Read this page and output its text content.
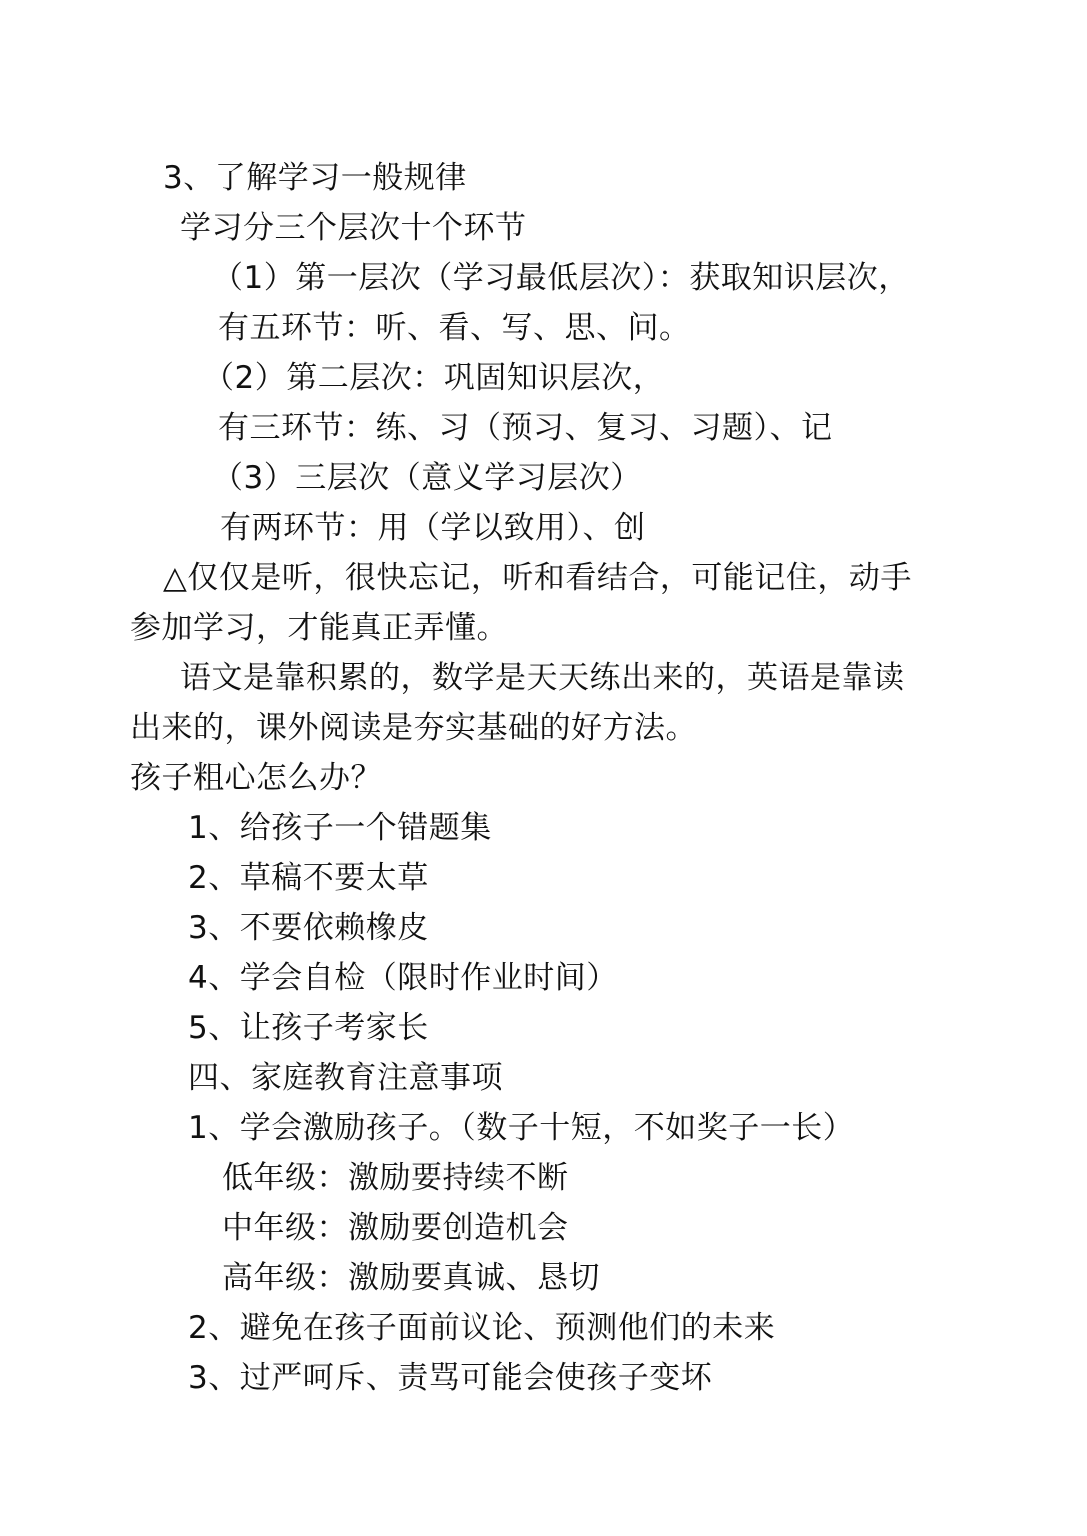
3、了解学习一般规律
学习分三个层次十个环节
（1）第一层次（学习最低层次）：获取知识层次，
有五环节：听、看、写、思、问。
（2）第二层次：巩固知识层次，
有三环节：练、习（预习、复习、习题）、记
（3）三层次（意义学习层次）
有两环节：用（学以致用）、创
△仅仅是听，很快忘记，听和看结合，可能记住，动手
参加学习，才能真正弄懂。
语文是靠积累的，数学是天天练出来的，英语是靠读
出来的，课外阅读是夯实基础的好方法。
孩子粗心怎么办？
1、给孩子一个错题集
2、草稿不要太草
3、不要依赖橡皮
4、学会自检（限时作业时间）
5、让孩子考家长
四、家庭教育注意事项
1、学会激励孩子。（数子十短，不如奖子一长）
低年级：激励要持续不断
中年级：激励要创造机会
高年级：激励要真诚、恳切
2、避免在孩子面前议论、预测他们的未来
3、过严呵斥、责骂可能会使孩子变坏
